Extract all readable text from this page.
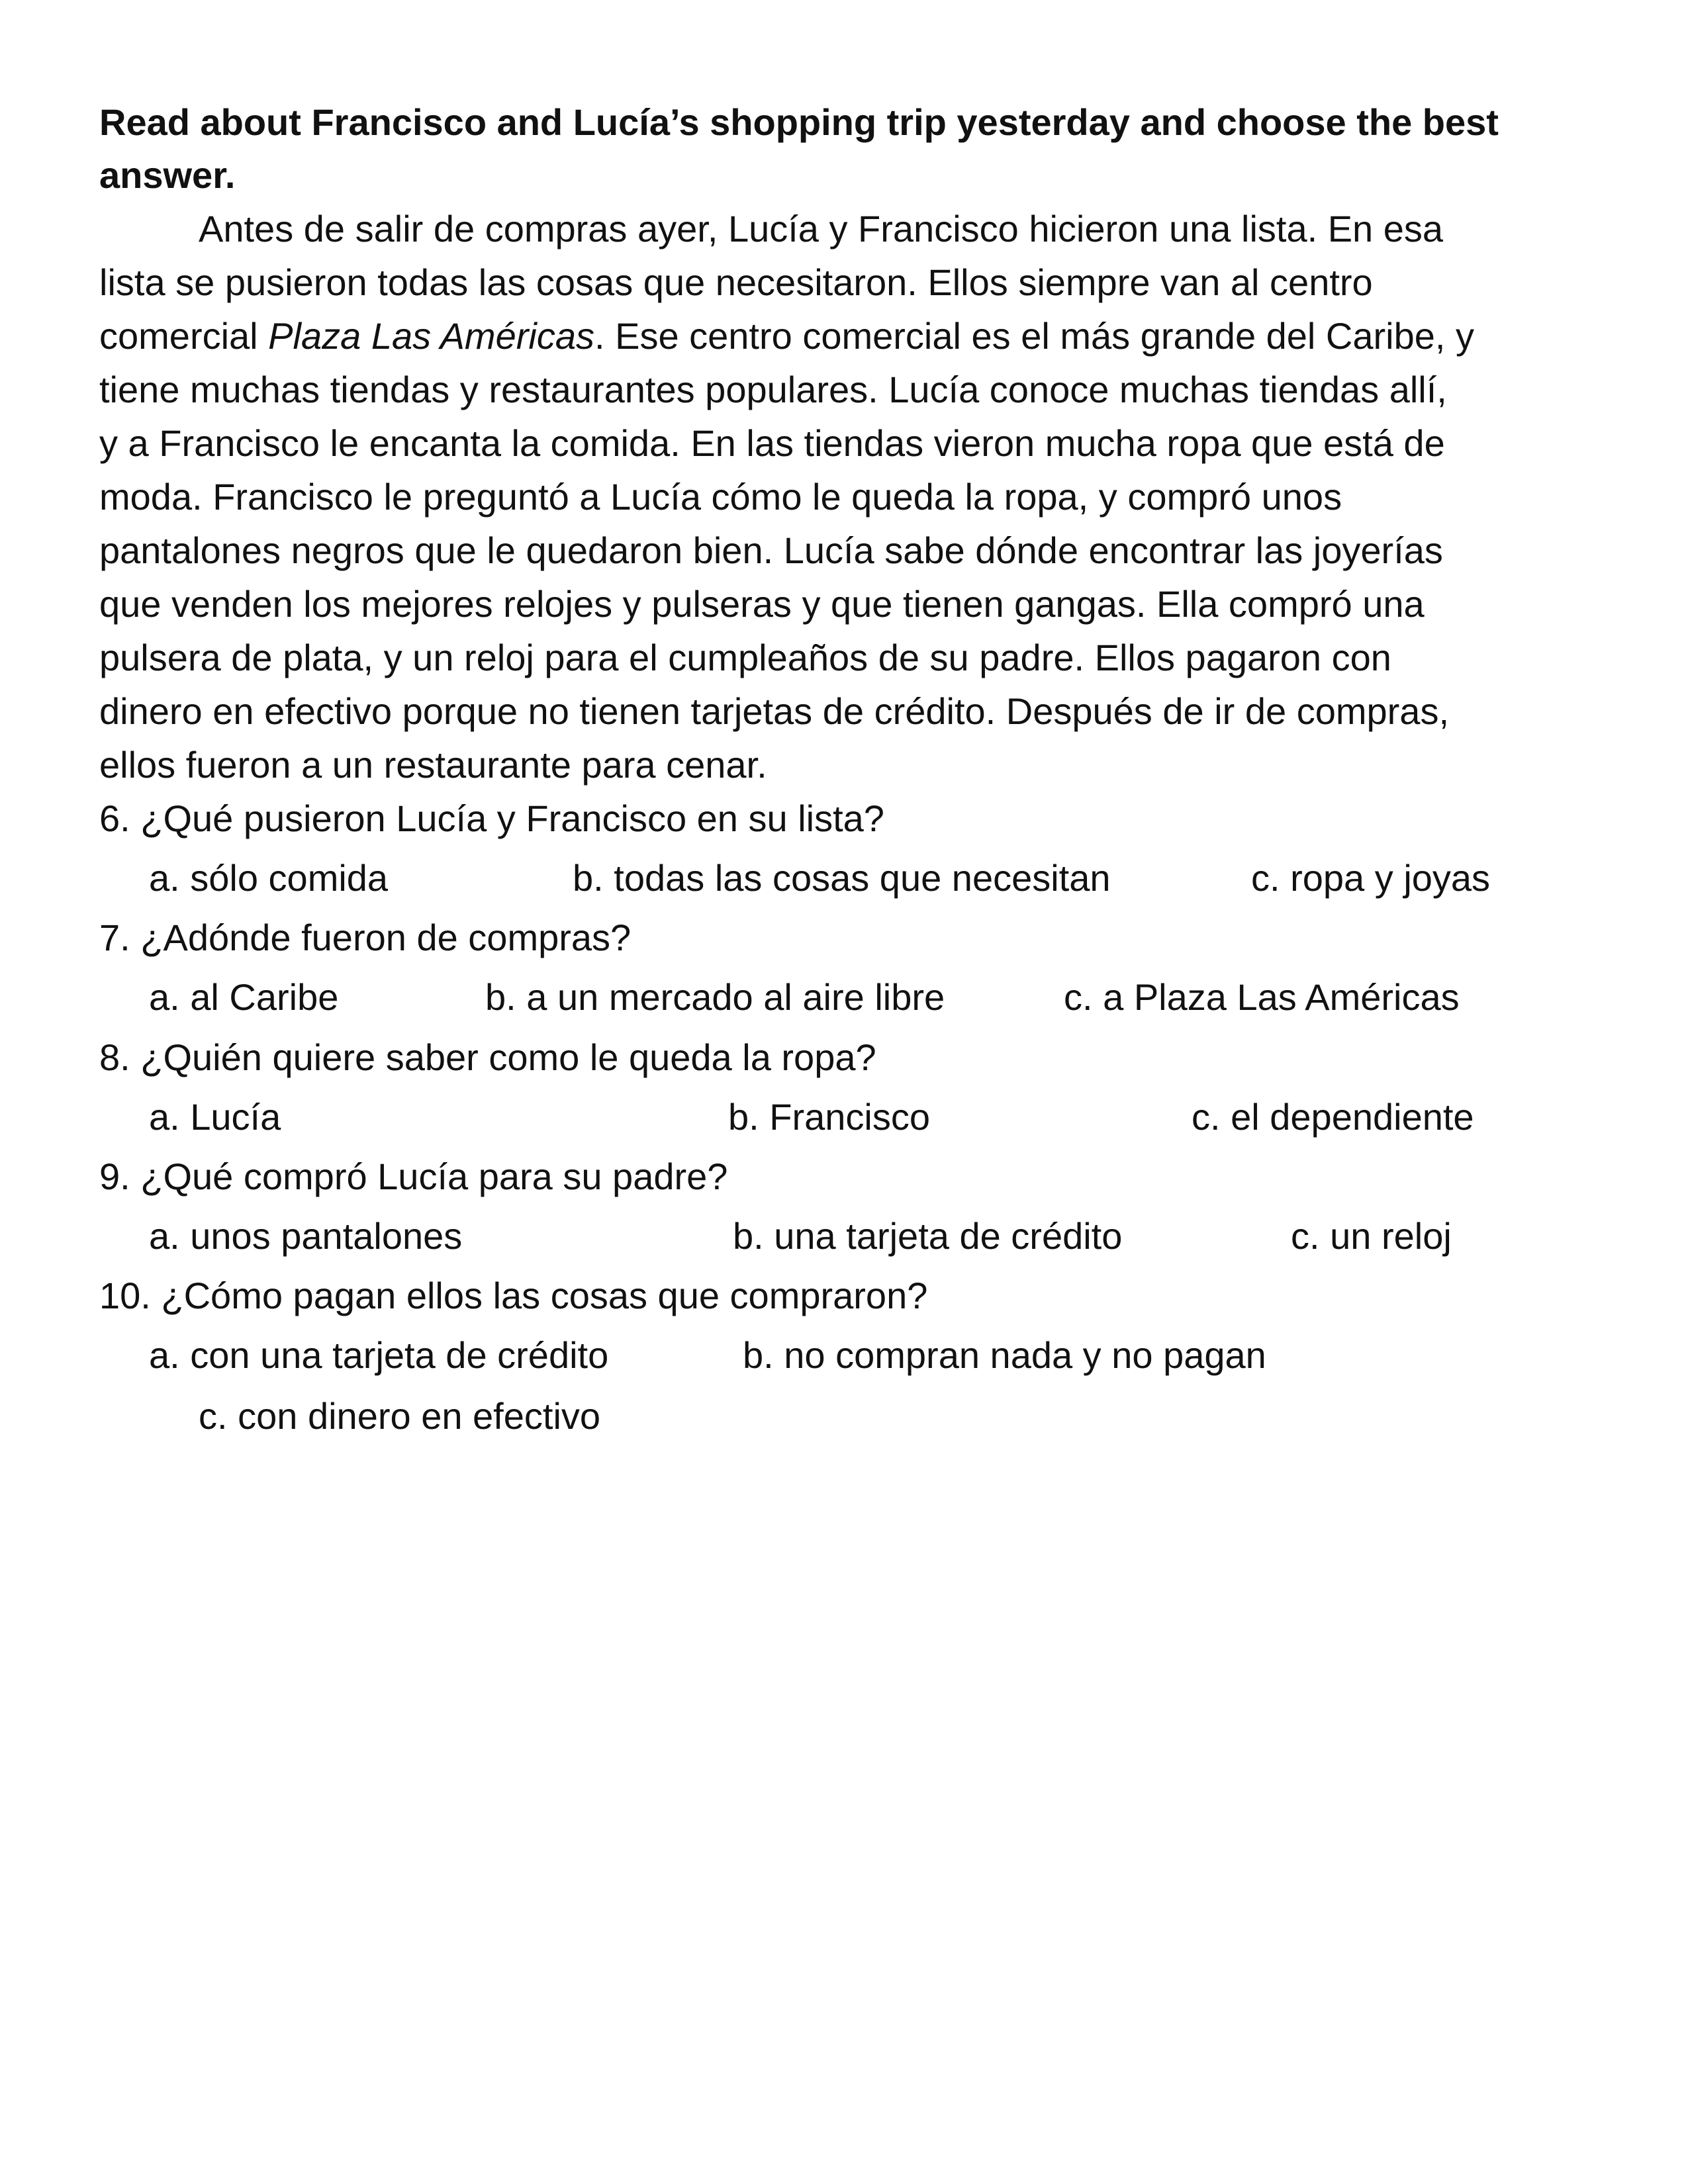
Read about Francisco and Lucía’s shopping trip yesterday and choose the best
answer.
Antes de salir de compras ayer, Lucía y Francisco hicieron una lista. En esa
lista se pusieron todas las cosas que necesitaron. Ellos siempre van al centro
comercial Plaza Las Américas. Ese centro comercial es el más grande del Caribe, y
tiene muchas tiendas y restaurantes populares. Lucía conoce muchas tiendas allí,
y a Francisco le encanta la comida. En las tiendas vieron mucha ropa que está de
moda. Francisco le preguntó a Lucía cómo le queda la ropa, y compró unos
pantalones negros que le quedaron bien. Lucía sabe dónde encontrar las joyerías
que venden los mejores relojes y pulseras y que tienen gangas. Ella compró una
pulsera de plata, y un reloj para el cumpleaños de su padre. Ellos pagaron con
dinero en efectivo porque no tienen tarjetas de crédito. Después de ir de compras,
ellos fueron a un restaurante para cenar.
6. ¿Qué pusieron Lucía y Francisco en su lista?
a. sólo comida	b. todas las cosas que necesitan	c. ropa y joyas
7. ¿Adónde fueron de compras?
a. al Caribe	b. a un mercado al aire libre	c. a Plaza Las Américas
8. ¿Quién quiere saber como le queda la ropa?
a. Lucía	b. Francisco	c. el dependiente
9. ¿Qué compró Lucía para su padre?
a. unos pantalones	b. una tarjeta de crédito	c. un reloj
10. ¿Cómo pagan ellos las cosas que compraron?
a. con una tarjeta de crédito	b. no compran nada y no pagan
c. con dinero en efectivo
